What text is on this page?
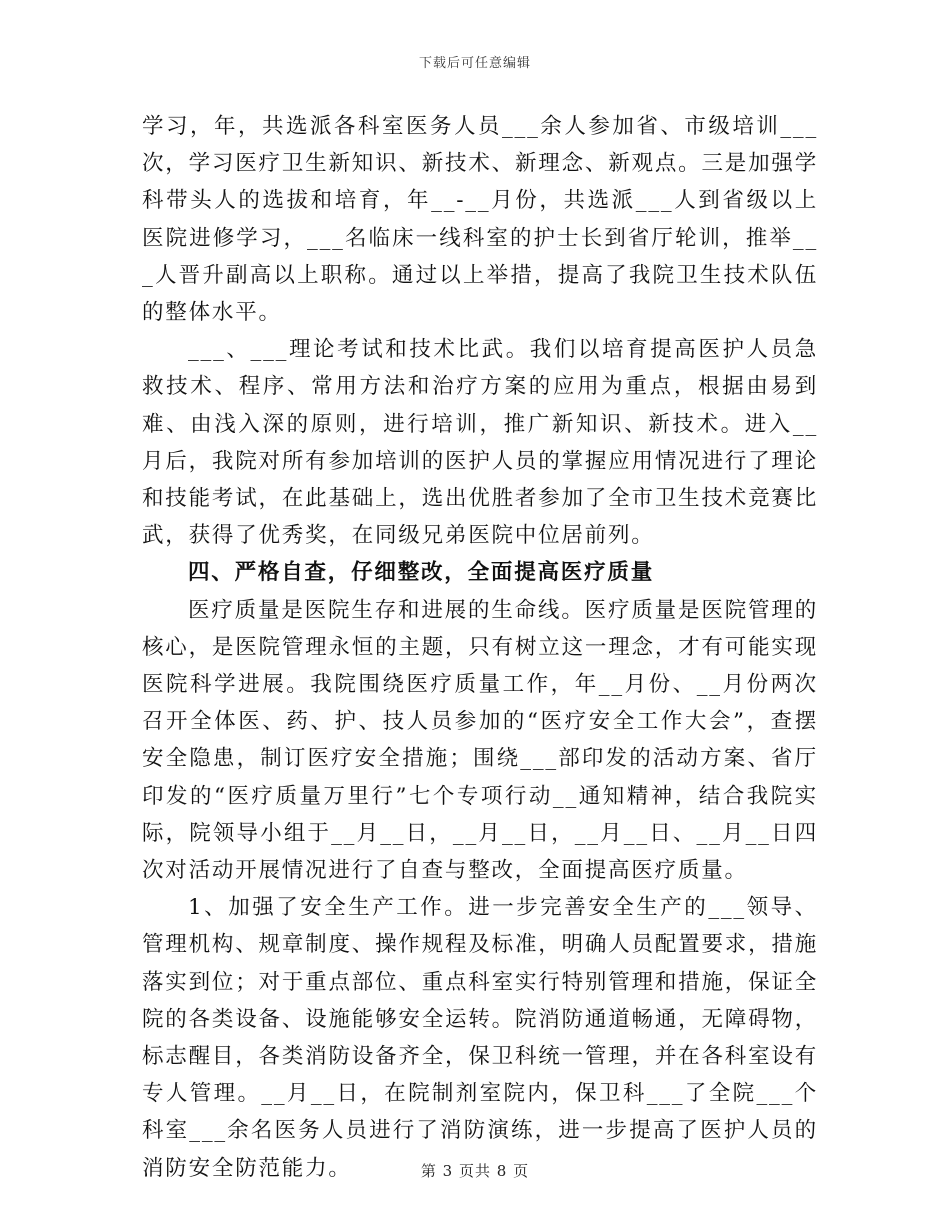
下载后可任意编辑

学习，年，共选派各科室医务人员___余人参加省、市级培训___次，学习医疗卫生新知识、新技术、新理念、新观点。三是加强学科带头人的选拔和培育，年__-__月份，共选派___人到省级以上医院进修学习，___名临床一线科室的护士长到省厅轮训，推举___人晋升副高以上职称。通过以上举措，提高了我院卫生技术队伍的整体水平。

___、___理论考试和技术比武。我们以培育提高医护人员急救技术、程序、常用方法和治疗方案的应用为重点，根据由易到难、由浅入深的原则，进行培训，推广新知识、新技术。进入__月后，我院对所有参加培训的医护人员的掌握应用情况进行了理论和技能考试，在此基础上，选出优胜者参加了全市卫生技术竞赛比武，获得了优秀奖，在同级兄弟医院中位居前列。

四、严格自查，仔细整改，全面提高医疗质量

医疗质量是医院生存和进展的生命线。医疗质量是医院管理的核心，是医院管理永恒的主题，只有树立这一理念，才有可能实现医院科学进展。我院围绕医疗质量工作，年__月份、__月份两次召开全体医、药、护、技人员参加的“医疗安全工作大会”，查摆安全隐患，制订医疗安全措施；围绕___部印发的活动方案、省厅印发的“医疗质量万里行”七个专项行动__通知精神，结合我院实际，院领导小组于__月__日，__月__日，__月__日、__月__日四次对活动开展情况进行了自查与整改，全面提高医疗质量。

1、加强了安全生产工作。进一步完善安全生产的___领导、管理机构、规章制度、操作规程及标准，明确人员配置要求，措施落实到位；对于重点部位、重点科室实行特别管理和措施，保证全院的各类设备、设施能够安全运转。院消防通道畅通，无障碍物，标志醒目，各类消防设备齐全，保卫科统一管理，并在各科室设有专人管理。__月__日，在院制剂室院内，保卫科___了全院___个科室___余名医务人员进行了消防演练，进一步提高了医护人员的消防安全防范能力。	第 3 页共 8 页
